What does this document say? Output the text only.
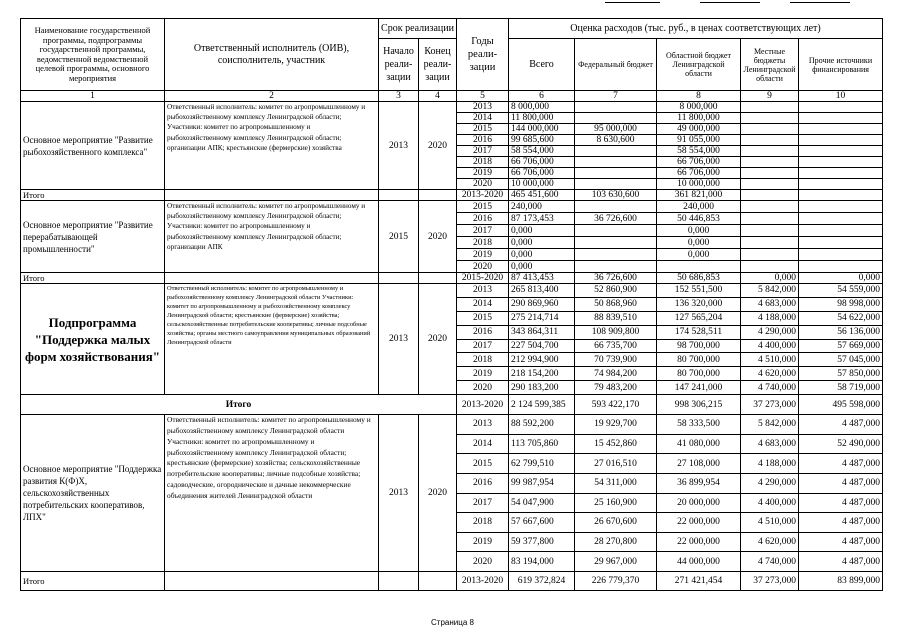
Наименование государственной программы, подпрограммы государственной программы, ведомственной ведомственной целевой программы, основного мероприятия	Ответственный исполнитель (ОИВ), соисполнитель, участник	Срок реализации		Годы реали-зации	Оценка расходов (тыс. руб., в ценах соответствующих лет)				
		Начало реали-зации	Конец реали-зации		Всего	Федеральный бюджет	Областной бюджет Ленинградской области	Местные бюджеты Ленинградской области	Прочие источники финансирования
1	2	3	4	5	6	7	8	9	10
Основное мероприятие "Развитие рыбохозяйственного комплекса"	Ответственный исполнитель: комитет по агропромышленному и рыбохозяйственному комплексу Ленинградской области; Участники: комитет по агропромышленному и рыбохозяйственному комплексу Ленинградской области; организации АПК; крестьянские (фермерские) хозяйства	2013	2020	2013	8 000,000		8 000,000		
				2014	11 800,000		11 800,000		
				2015	144 000,000	95 000,000	49 000,000		
				2016	99 685,600	8 630,600	91 055,000		
				2017	58 554,000		58 554,000		
				2018	66 706,000		66 706,000		
				2019	66 706,000		66 706,000		
				2020	10 000,000		10 000,000		
Итого				2013-2020	465 451,600	103 630,600	361 821,000		
Основное мероприятие "Развитие перерабатывающей промышленности"	Ответственный исполнитель: комитет по агропромышленному и рыбохозяйственному комплексу Ленинградской области; Участники: комитет по агропромышленному и рыбохозяйственному комплексу Ленинградской области; организации АПК	2015	2020	2015	240,000		240,000		
				2016	87 173,453	36 726,600	50 446,853		
				2017	0,000		0,000		
				2018	0,000		0,000		
				2019	0,000		0,000		
				2020	0,000				
Итого				2015-2020	87 413,453	36 726,600	50 686,853	0,000	0,000
Подпрограмма "Поддержка малых форм хозяйствования"	Ответственный исполнитель: комитет по агропромышленному и рыбохозяйственному комплексу Ленинградской области Участники: комитет по агропромышленному и рыбохозяйственному комплексу Ленинградской области; крестьянские (фермерские) хозяйства; сельскохозяйственные потребительские кооперативы; личные подсобные хозяйства; органы местного самоуправления муниципальных образований Ленинградской области	2013	2020	2013	265 813,400	52 860,900	152 551,500	5 842,000	54 559,000
				2014	290 869,960	50 868,960	136 320,000	4 683,000	98 998,000
				2015	275 214,714	88 839,510	127 565,204	4 188,000	54 622,000
				2016	343 864,311	108 909,800	174 528,511	4 290,000	56 136,000
				2017	227 504,700	66 735,700	98 700,000	4 400,000	57 669,000
				2018	212 994,900	70 739,900	80 700,000	4 510,000	57 045,000
				2019	218 154,200	74 984,200	80 700,000	4 620,000	57 850,000
				2020	290 183,200	79 483,200	147 241,000	4 740,000	58 719,000
Итого				2013-2020	2 124 599,385	593 422,170	998 306,215	37 273,000	495 598,000
Основное мероприятие "Поддержка развития К(Ф)Х, сельскохозяйственных потребительских кооперативов, ЛПХ"	Ответственный исполнитель: комитет по агропромышленному и рыбохозяйственному комплексу Ленинградской области Участники: комитет по агропромышленному и рыбохозяйственному комплексу Ленинградской области; крестьянские (фермерские) хозяйства; сельскохозяйственные потребительские кооперативы; личные подсобные хозяйства; садоводческие, огороднические и дачные некоммерческие объединения жителей Ленинградской области	2013	2020	2013	88 592,200	19 929,700	58 333,500	5 842,000	4 487,000
				2014	113 705,860	15 452,860	41 080,000	4 683,000	52 490,000
				2015	62 799,510	27 016,510	27 108,000	4 188,000	4 487,000
				2016	99 987,954	54 311,000	36 899,954	4 290,000	4 487,000
				2017	54 047,900	25 160,900	20 000,000	4 400,000	4 487,000
				2018	57 667,600	26 670,600	22 000,000	4 510,000	4 487,000
				2019	59 377,800	28 270,800	22 000,000	4 620,000	4 487,000
				2020	83 194,000	29 967,000	44 000,000	4 740,000	4 487,000
Итого				2013-2020	619 372,824	226 779,370	271 421,454	37 273,000	83 899,000
Страница 8
